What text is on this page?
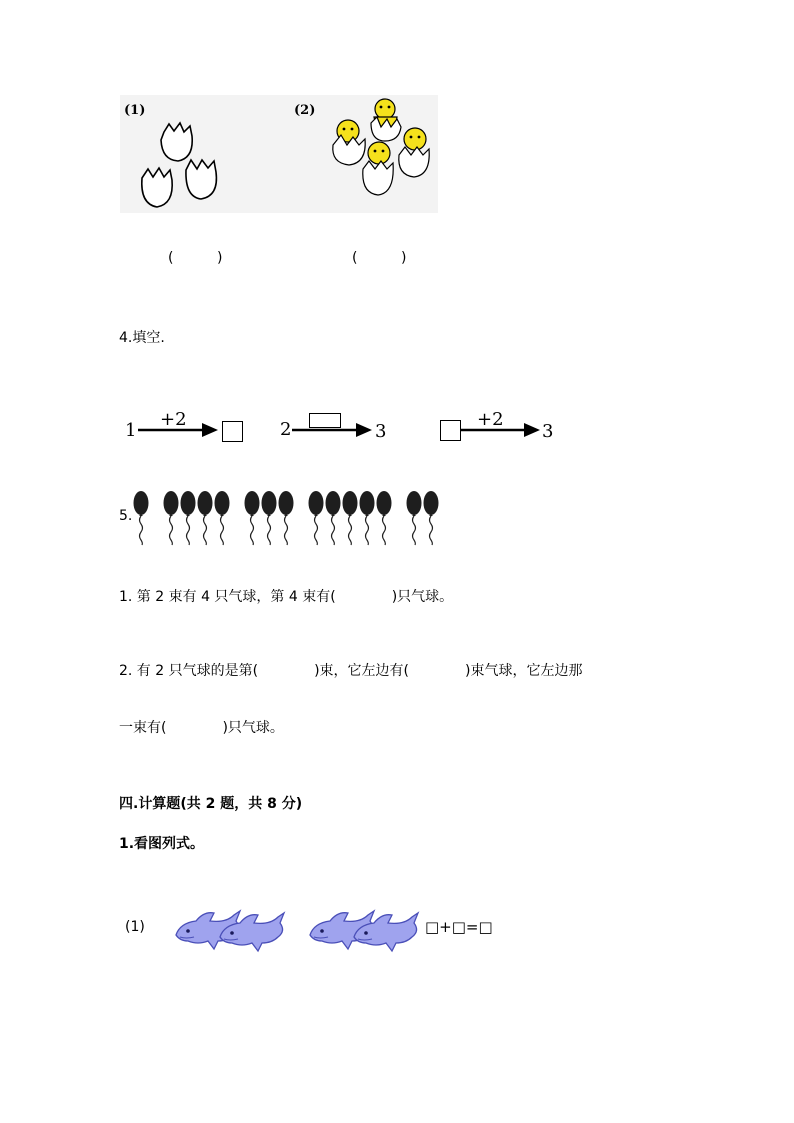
(1)	(2)
(	)	(	)
4.填空.
1
+2	2	3
+2
3
5.
1. 第 2 束有 4 只气球，第 4 束有(　　　　)只气球。
2. 有 2 只气球的是第(　　　　)束，它左边有(　　　　)束气球，它左边那
一束有(　　　　)只气球。
四.计算题(共 2 题，共 8 分)
1.看图列式。
(1)	□+□=□
